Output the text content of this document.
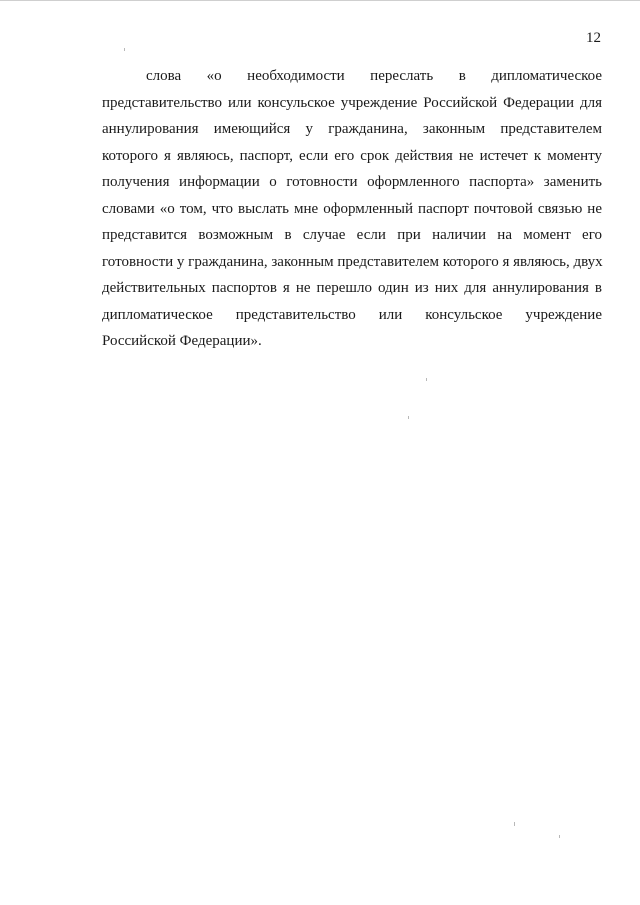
12
слова «о необходимости переслать в дипломатическое
представительство или консульское учреждение Российской Федерации для
аннулирования имеющийся у гражданина, законным представителем
которого я являюсь, паспорт, если его срок действия не истечет к моменту
получения информации о готовности оформленного паспорта» заменить
словами «о том, что выслать мне оформленный паспорт почтовой связью не
представится возможным в случае если при наличии на момент его
готовности у гражданина, законным представителем которого я являюсь, двух
действительных паспортов я не перешло один из них для аннулирования в
дипломатическое представительство или консульское учреждение
Российской Федерации».
